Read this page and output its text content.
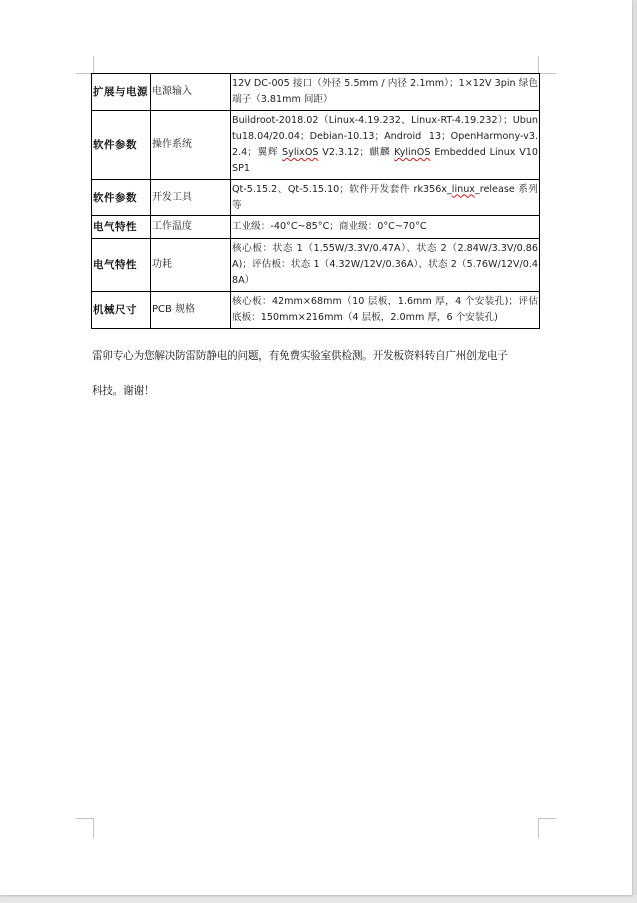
扩展与电源	电源输入	12V DC-005 接口（外径 5.5mm / 内径 2.1mm）；1×12V 3pin 绿色端子（3.81mm 间距）
软件参数	操作系统	Buildroot-2018.02（Linux-4.19.232、Linux-RT-4.19.232）；Ubuntu18.04/20.04；Debian-10.13；Android 13；OpenHarmony-v3.2.4；翼辉 SylixOS V2.3.12；麒麟 KylinOS Embedded Linux V10 SP1
软件参数	开发工具	Qt-5.15.2、Qt-5.15.10；软件开发套件 rk356x_linux_release 系列等
电气特性	工作温度	工业级：-40°C~85°C；商业级：0°C~70°C
电气特性	功耗	核心板：状态 1（1.55W/3.3V/0.47A）、状态 2（2.84W/3.3V/0.86A)；评估板：状态 1（4.32W/12V/0.36A）、状态 2（5.76W/12V/0.48A）
机械尺寸	PCB 规格	核心板：42mm×68mm（10 层板，1.6mm 厚，4 个安装孔)；评估底板：150mm×216mm（4 层板，2.0mm 厚，6 个安装孔)
雷卯专心为您解决防雷防静电的问题，有免费实验室供检测。开发板资料转自广州创龙电子
科技。谢谢！
